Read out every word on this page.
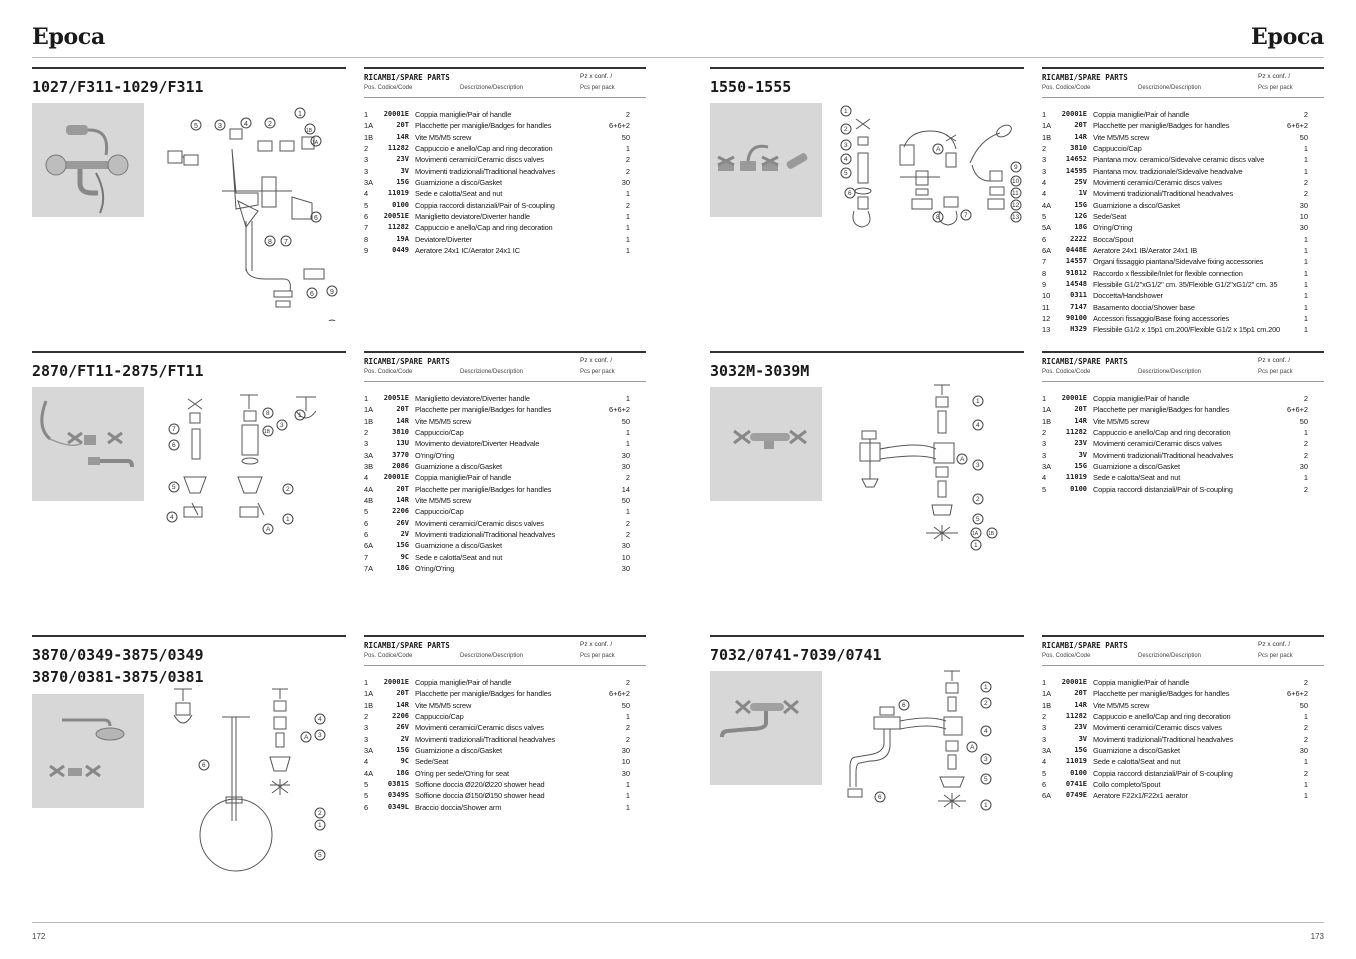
Epoca	Epoca
1027/F311-1029/F311
1
2
3	4
5
6
6
7
8
1B
1A
9
RICAMBI/SPARE PARTS	Pz x conf. /
Pos. Codice/Code	Descrizione/Description	Pcs per pack
1	20001E Coppia maniglie/Pair of handle	2
1A	20T Placchette per maniglie/Badges for handles	6+6+2
1B	14R Vite M5/M5 screw	50
2	11282 Cappuccio e anello/Cap and ring decoration	1
3	23V Movimenti ceramici/Ceramic discs valves	2
3	3V Movimenti tradizionali/Traditional headvalves	2
3A	15G Guarnizione a disco/Gasket	30
4	11019 Sede e calotta/Seat and nut	1
5	0100 Coppia raccordi distanziali/Pair of S-coupling	2
6	20051E Maniglietto deviatore/Diverter handle	1
7	11282 Cappuccio e anello/Cap and ring decoration	1
8	19A Deviatore/Diverter	1
9	0449 Aeratore 24x1 IC/Aerator 24x1 IC	1
1550-1555
1
2
3
4
5
6
7
8
9
10
11
12
13
A
RICAMBI/SPARE PARTS	Pz x conf. /
Pos. Codice/Code	Descrizione/Description	Pcs per pack
1	20001E Coppia maniglie/Pair of handle	2
1A	20T Placchette per maniglie/Badges for handles	6+6+2
1B	14R Vite M5/M5 screw	50
2	3810 Cappuccio/Cap	1
3	14652 Piantana mov. ceramico/Sidevalve ceramic discs valve	1
3	14595 Piantana mov. tradizionale/Sidevalve headvalve	1
4	25V Movimenti ceramici/Ceramic discs valves	2
4	1V Movimenti tradizionali/Traditional headvalves	2
4A	15G Guarnizione a disco/Gasket	30
5	12G Sede/Seat	10
5A	18G O'ring/O'ring	30
6	2222 Bocca/Spout	1
6A	0448E Aeratore 24x1 IB/Aerator 24x1 IB	1
7	14557 Organi fissaggio piantana/Sidevalve fixing accessories	1
8	91812 Raccordo x flessibile/Inlet for flexible connection	1
9	14548 Flessibile G1/2"xG1/2" cm. 35/Flexible G1/2"xG1/2" cm. 35	1
10	0311 Doccetta/Handshower	1
11	7147 Basamento doccia/Shower base	1
12	90100 Accessori fissaggio/Base fixing accessories	1
13	H329 Flessibile G1/2 x 15p1 cm.200/Flexible G1/2 x 15p1 cm.200	1
2870/FT11-2875/FT11
1
2
3
4
5
6
7
8
1B
1
A
RICAMBI/SPARE PARTS	Pz x conf. /
Pos. Codice/Code	Descrizione/Description	Pcs per pack
1	20051E Maniglietto deviatore/Diverter handle	1
1A	20T Placchette per maniglie/Badges for handles	6+6+2
1B	14R Vite M5/M5 screw	50
2	3810 Cappuccio/Cap	1
3	13U Movimento deviatore/Diverter Headvale	1
3A	3770 O'ring/O'ring	30
3B	2086 Guarnizione a disco/Gasket	30
4	20001E Coppia maniglie/Pair of handle	2
4A	20T Placchette per maniglie/Badges for handles	14
4B	14R Vite M5/M5 screw	50
5	2206 Cappuccio/Cap	1
6	26V Movimenti ceramici/Ceramic discs valves	2
6	2V Movimenti tradizionali/Traditional headvalves	2
6A	15G Guarnizione a disco/Gasket	30
7	9C Sede e calotta/Seat and nut	10
7A	18G O'ring/O'ring	30
3032M-3039M
1
4
A
3
2
5
1A 1B
1
RICAMBI/SPARE PARTS	Pz x conf. /
Pos. Codice/Code	Descrizione/Description	Pcs per pack
1	20001E Coppia maniglie/Pair of handle	2
1A	20T Placchette per maniglie/Badges for handles	6+6+2
1B	14R Vite M5/M5 screw	50
2	11282 Cappuccio e anello/Cap and ring decoration	1
3	23V Movimenti ceramici/Ceramic discs valves	2
3	3V Movimenti tradizionali/Traditional headvalves	2
3A	15G Guarnizione a disco/Gasket	30
4	11019 Sede e calotta/Seat and nut	1
5	0100 Coppia raccordi distanziali/Pair of S-coupling	2
3870/0349-3875/0349
3870/0381-3875/0381
4
3
A
6
2
1
5
RICAMBI/SPARE PARTS	Pz x conf. /
Pos. Codice/Code	Descrizione/Description	Pcs per pack
1	20001E Coppia maniglie/Pair of handle	2
1A	20T Placchette per maniglie/Badges for handles	6+6+2
1B	14R Vite M5/M5 screw	50
2	2206 Cappuccio/Cap	1
3	26V Movimenti ceramici/Ceramic discs valves	2
3	2V Movimenti tradizionali/Traditional headvalves	2
3A	15G Guarnizione a disco/Gasket	30
4	9C Sede/Seat	10
4A	18G O'ring per sede/O'ring for seat	30
5	0381S Soffione doccia Ø220/Ø220 shower head	1
5	0349S Soffione doccia Ø150/Ø150 shower head	1
6	0349L Braccio doccia/Shower arm	1
7032/0741-7039/0741
1
6	2
4
A
3
5
6
1
RICAMBI/SPARE PARTS	Pz x conf. /
Pos. Codice/Code	Descrizione/Description	Pcs per pack
1	20001E Coppia maniglie/Pair of handle	2
1A	20T Placchette per maniglie/Badges for handles	6+6+2
1B	14R Vite M5/M5 screw	50
2	11282 Cappuccio e anello/Cap and ring decoration	1
3	23V Movimenti ceramici/Ceramic discs valves	2
3	3V Movimenti tradizionali/Traditional headvalves	2
3A	15G Guarnizione a disco/Gasket	30
4	11019 Sede e calotta/Seat and nut	1
5	0100 Coppia raccordi distanziali/Pair of S-coupling	2
6	0741E Collo completo/Spout	1
6A	0749E Aeratore F22x1/F22x1 aerator	1
172	173
